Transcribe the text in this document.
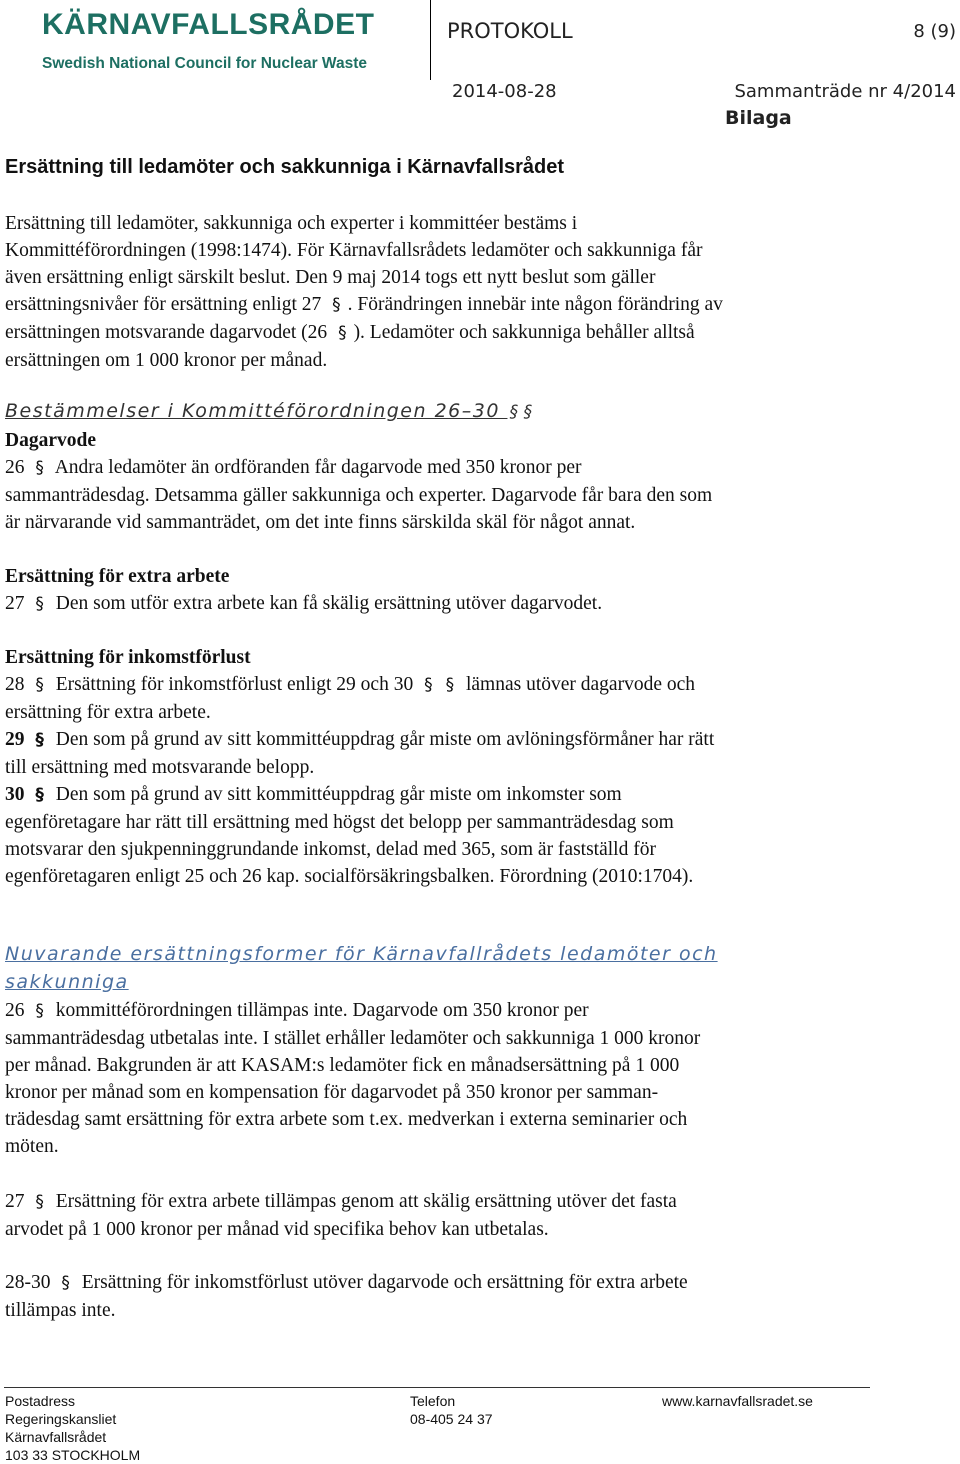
KÄRNAVFALLSRÅDET
Swedish National Council for Nuclear Waste
PROTOKOLL	8 (9)
2014-08-28	Sammanträde nr 4/2014
Bilaga
Ersättning till ledamöter och sakkunniga i Kärnavfallsrådet

Ersättning till ledamöter, sakkunniga och experter i kommittéer bestäms i

Kommittéförordningen (1998:1474). För Kärnavfallsrådets ledamöter och sakkunniga får

även ersättning enligt särskilt beslut. Den 9 maj 2014 togs ett nytt beslut som gäller

ersättningsnivåer för ersättning enligt 27 § . Förändringen innebär inte någon förändring av

ersättningen motsvarande dagarvodet (26 § ). Ledamöter och sakkunniga behåller alltså

ersättningen om 1 000 kronor per månad.

Bestämmelser i Kommittéförordningen 26–30 § §

Dagarvode

26 § Andra ledamöter än ordföranden får dagarvode med 350 kronor per

sammanträdesdag. Detsamma gäller sakkunniga och experter. Dagarvode får bara den som

är närvarande vid sammanträdet, om det inte finns särskilda skäl för något annat.

Ersättning för extra arbete

27 § Den som utför extra arbete kan få skälig ersättning utöver dagarvodet.

Ersättning för inkomstförlust

28 § Ersättning för inkomstförlust enligt 29 och 30 § § lämnas utöver dagarvode och

ersättning för extra arbete.

29 § Den som på grund av sitt kommittéuppdrag går miste om avlöningsförmåner har rätt

till ersättning med motsvarande belopp.

30 § Den som på grund av sitt kommittéuppdrag går miste om inkomster som

egenföretagare har rätt till ersättning med högst det belopp per sammanträdesdag som

motsvarar den sjukpenninggrundande inkomst, delad med 365, som är fastställd för

egenföretagaren enligt 25 och 26 kap. socialförsäkringsbalken. Förordning (2010:1704).

Nuvarande ersättningsformer för Kärnavfallrådets ledamöter och
sakkunniga

26 § kommittéförordningen tillämpas inte. Dagarvode om 350 kronor per

sammanträdesdag utbetalas inte. I stället erhåller ledamöter och sakkunniga 1 000 kronor

per månad. Bakgrunden är att KASAM:s ledamöter fick en månadsersättning på 1 000

kronor per månad som en kompensation för dagarvodet på 350 kronor per samman-

trädesdag samt ersättning för extra arbete som t.ex. medverkan i externa seminarier och

möten.

27 § Ersättning för extra arbete tillämpas genom att skälig ersättning utöver det fasta

arvodet på 1 000 kronor per månad vid specifika behov kan utbetalas.

28-30 § Ersättning för inkomstförlust utöver dagarvode och ersättning för extra arbete

tillämpas inte.

Postadress
Regeringskansliet
Kärnavfallsrådet
103 33 STOCKHOLM
Telefon
08-405 24 37
www.karnavfallsradet.se
